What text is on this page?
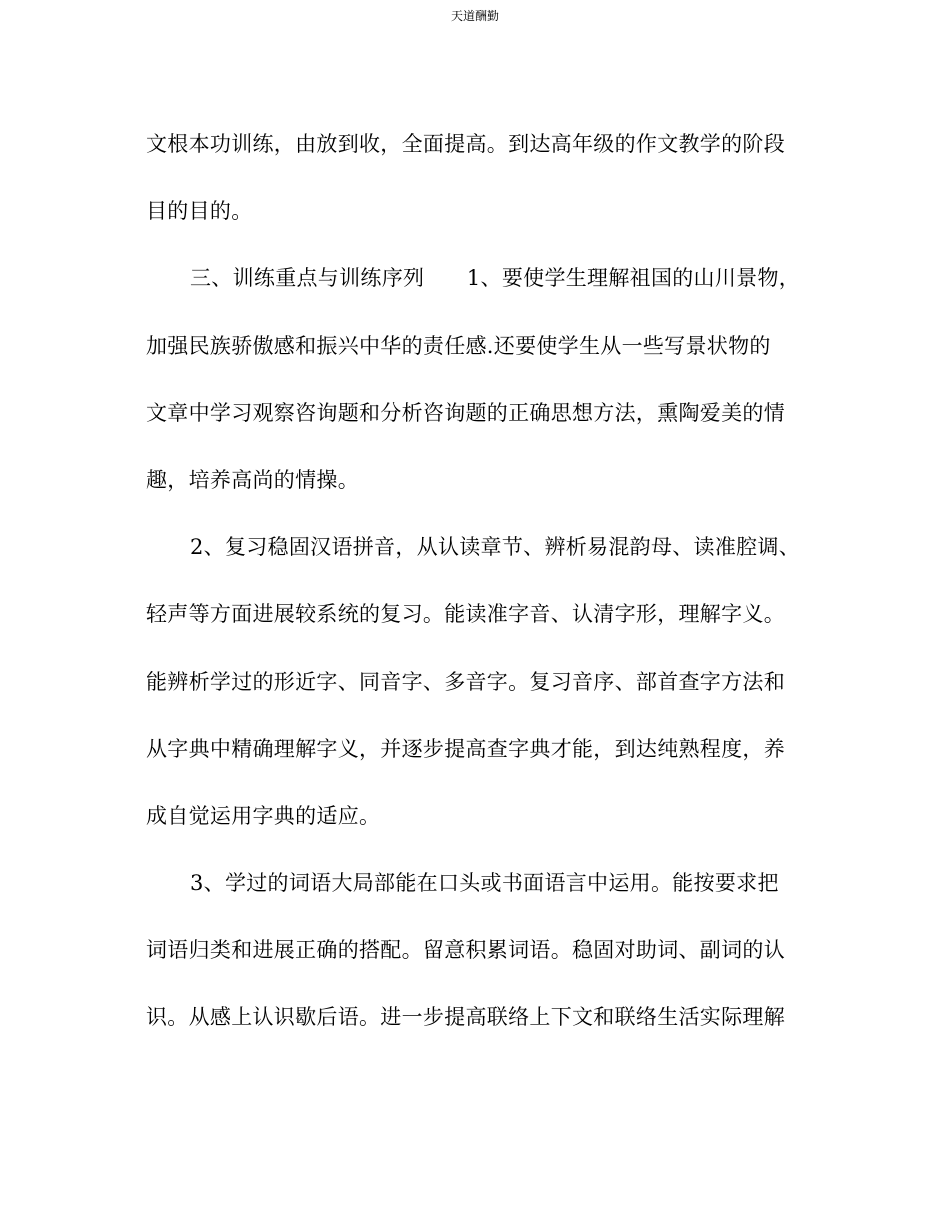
天道酬勤
文根本功训练，由放到收，全面提高。到达高年级的作文教学的阶段
目的目的。
三、训练重点与训练序列　　1、要使学生理解祖国的山川景物，
加强民族骄傲感和振兴中华的责任感.还要使学生从一些写景状物的
文章中学习观察咨询题和分析咨询题的正确思想方法，熏陶爱美的情
趣，培养高尚的情操。
2、复习稳固汉语拼音，从认读章节、辨析易混韵母、读准腔调、
轻声等方面进展较系统的复习。能读准字音、认清字形，理解字义。
能辨析学过的形近字、同音字、多音字。复习音序、部首查字方法和
从字典中精确理解字义，并逐步提高查字典才能，到达纯熟程度，养
成自觉运用字典的适应。
3、学过的词语大局部能在口头或书面语言中运用。能按要求把
词语归类和进展正确的搭配。留意积累词语。稳固对助词、副词的认
识。从感上认识歇后语。进一步提高联络上下文和联络生活实际理解
